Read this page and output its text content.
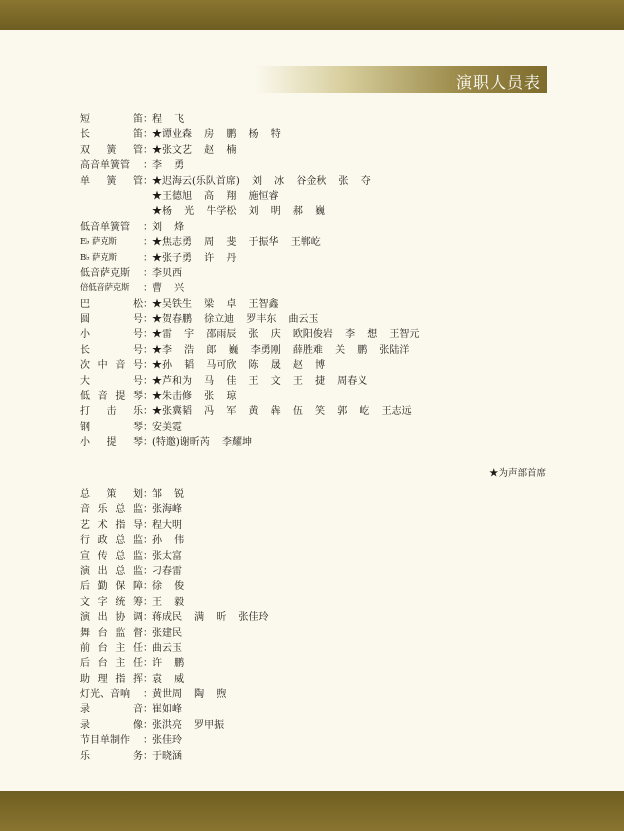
演职人员表
短笛 ： 程 飞
长笛 ： ★谭业森 房 鹏 杨 特
双簧管 ： ★张文艺 赵 楠
高音单簧管	： 李 勇
单簧管 ： ★迟海云(乐队首席) 刘 冰 谷金秋 张 夺
★王德旭 高 翔 施恒睿
★杨 光 牛学松 刘 明 郝 巍
低音单簧管	： 刘 烽
E♭ 萨克斯	： ★焦志勇 周 斐 于振华 王郸屹
B♭ 萨克斯	： ★张子勇 许 丹
低音萨克斯	： 李贝西
倍低音萨克斯	： 曹 兴
巴松 ： ★吴铁生 梁 卓 王智鑫
圆号 ： ★贺春鹏 徐立迪 罗丰东 曲云玉
小号 ： ★雷 宇 邵雨辰 张 庆 欧阳俊岩 李 想 王智元
长号 ： ★李 浩 郎 巍 李勇刚 薛胜难 关 鹏 张陆洋
次中音号 ： ★孙 韬 马可欣 陈 晟 赵 博
大号 ： ★芦和为 马 佳 王 文 王 捷 周春义
低音提琴 ： ★朱击修 张 琼
打击乐 ： ★张冀韬 冯 军 黄 犇 伍 笑 郭 屹 王志远
钢琴 ： 安美霓
小提琴 ： (特邀)谢昕芮 李耀坤
★为声部首席
总策划 ： 邹 锐
音乐总监 ： 张海峰
艺术指导 ： 程大明
行政总监 ： 孙 伟
宣传总监 ： 张太富
演出总监 ： 刁春雷
后勤保障 ： 徐 俊
文字统筹 ： 王 毅
演出协调 ： 蒋成民 满 昕 张佳玲
舞台监督 ： 张建民
前台主任 ： 曲云玉
后台主任 ： 许 鹏
助理指挥 ： 袁 威
灯光、音响	： 黄世周 陶 煦
录音 ： 崔如峰
录像 ： 张洪亮 罗甲振
节目单制作	： 张佳玲
乐务 ： 于晓涵
